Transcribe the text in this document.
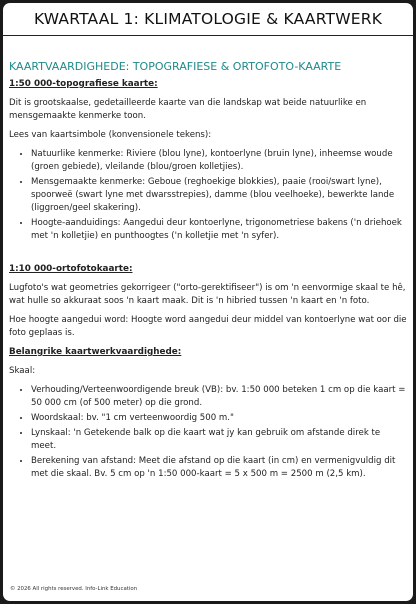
KWARTAAL 1: KLIMATOLOGIE & KAARTWERK
KAARTVAARDIGHEDE: TOPOGRAFIESE & ORTOFOTO-KAARTE
1:50 000-topografiese kaarte:

Dit is grootskaalse, gedetailleerde kaarte van die landskap wat beide natuurlike en mensgemaakte kenmerke toon.

Lees van kaartsimbole (konvensionele tekens):

• Natuurlike kenmerke: Riviere (blou lyne), kontoerlyne (bruin lyne), inheemse woude (groen gebiede), vleilande (blou/groen kolletjies).
• Mensgemaakte kenmerke: Geboue (reghoekige blokkies), paaie (rooi/swart lyne), spoorweë (swart lyne met dwarsstrepies), damme (blou veelhoeke), bewerkte lande (liggroen/geel skakering).
• Hoogte-aanduidings: Aangedui deur kontoerlyne, trigonometriese bakens ('n driehoek met 'n kolletjie) en punthoogtes ('n kolletjie met 'n syfer).
1:10 000-ortofotokaarte:

Lugfoto's wat geometries gekorrigeer ("orto-gerektifiseer") is om 'n eenvormige skaal te hê, wat hulle so akkuraat soos 'n kaart maak. Dit is 'n hibried tussen 'n kaart en 'n foto.

Hoe hoogte aangedui word: Hoogte word aangedui deur middel van kontoerlyne wat oor die foto geplaas is.

Belangrike kaartwerkvaardighede:

Skaal:

• Verhouding/Verteenwoordigende breuk (VB): bv. 1:50 000 beteken 1 cm op die kaart = 50 000 cm (of 500 meter) op die grond.
• Woordskaal: bv. "1 cm verteenwoordig 500 m."
• Lynskaal: 'n Getekende balk op die kaart wat jy kan gebruik om afstande direk te meet.
• Berekening van afstand: Meet die afstand op die kaart (in cm) en vermenigvuldig dit met die skaal. Bv. 5 cm op 'n 1:50 000-kaart = 5 x 500 m = 2500 m (2,5 km).
© 2026 All rights reserved. Info-Link Education
